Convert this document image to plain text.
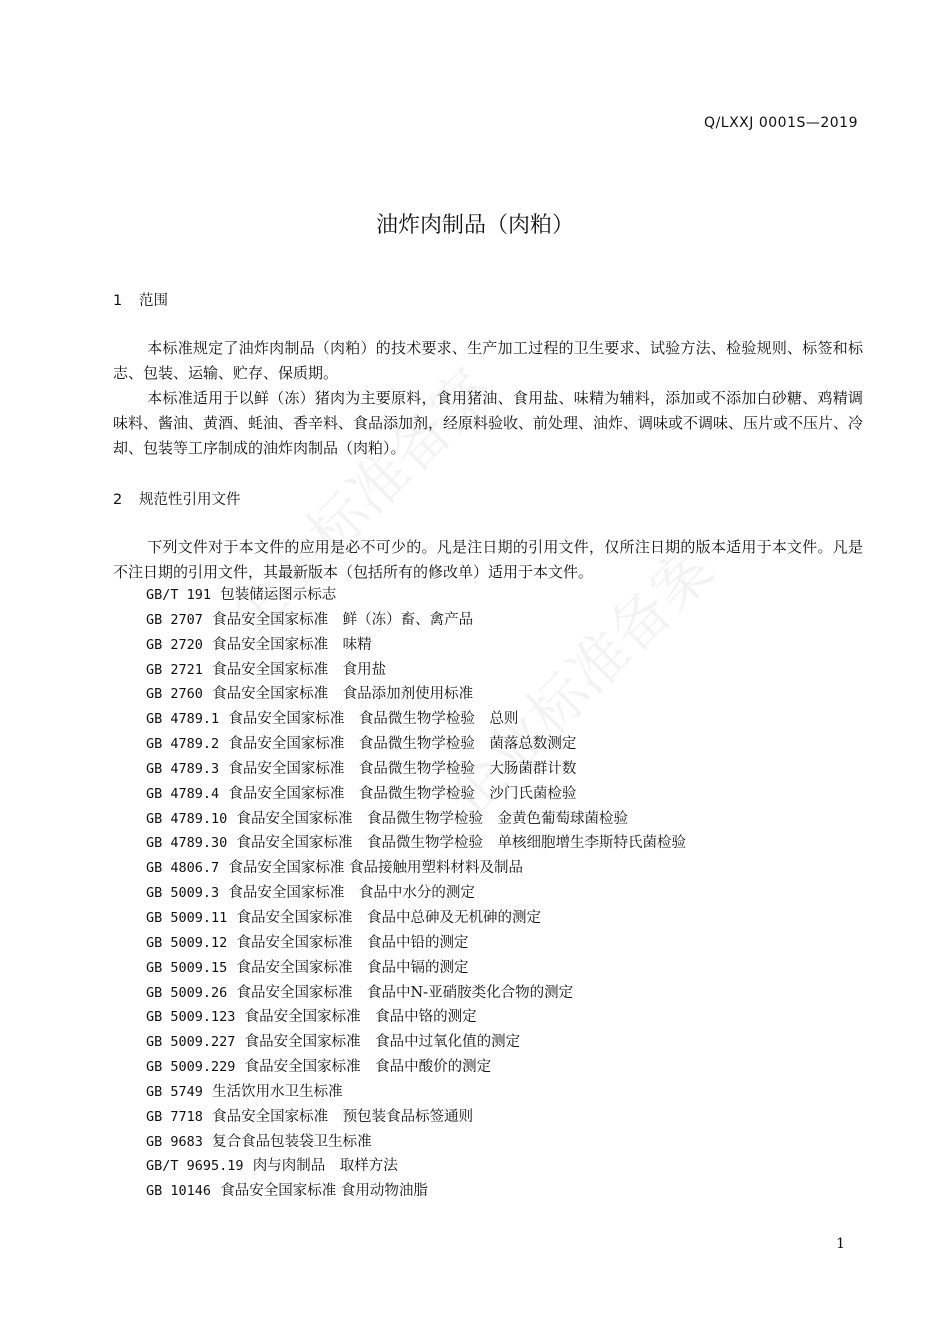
Q/LXXJ 0001S—2019
油炸肉制品（肉粕）
1 范围
本标准规定了油炸肉制品（肉粕）的技术要求、生产加工过程的卫生要求、试验方法、检验规则、标签和标志、包装、运输、贮存、保质期。
本标准适用于以鲜（冻）猪肉为主要原料，食用猪油、食用盐、味精为辅料，添加或不添加白砂糖、鸡精调味料、酱油、黄酒、蚝油、香辛料、食品添加剂，经原料验收、前处理、油炸、调味或不调味、压片或不压片、冷却、包装等工序制成的油炸肉制品（肉粕）。
2 规范性引用文件
下列文件对于本文件的应用是必不可少的。凡是注日期的引用文件，仅所注日期的版本适用于本文件。凡是不注日期的引用文件，其最新版本（包括所有的修改单）适用于本文件。
GB/T 191 包装储运图示标志
GB 2707 食品安全国家标准　鲜（冻）畜、禽产品
GB 2720 食品安全国家标准　味精
GB 2721 食品安全国家标准　食用盐
GB 2760 食品安全国家标准　食品添加剂使用标准
GB 4789.1 食品安全国家标准　食品微生物学检验　总则
GB 4789.2 食品安全国家标准　食品微生物学检验　菌落总数测定
GB 4789.3 食品安全国家标准　食品微生物学检验　大肠菌群计数
GB 4789.4 食品安全国家标准　食品微生物学检验　沙门氏菌检验
GB 4789.10 食品安全国家标准　食品微生物学检验　金黄色葡萄球菌检验
GB 4789.30 食品安全国家标准　食品微生物学检验　单核细胞增生李斯特氏菌检验
GB 4806.7 食品安全国家标准 食品接触用塑料材料及制品
GB 5009.3 食品安全国家标准　食品中水分的测定
GB 5009.11 食品安全国家标准　食品中总砷及无机砷的测定
GB 5009.12 食品安全国家标准　食品中铅的测定
GB 5009.15 食品安全国家标准　食品中镉的测定
GB 5009.26 食品安全国家标准　食品中N-亚硝胺类化合物的测定
GB 5009.123 食品安全国家标准　食品中铬的测定
GB 5009.227 食品安全国家标准　食品中过氧化值的测定
GB 5009.229 食品安全国家标准　食品中酸价的测定
GB 5749 生活饮用水卫生标准
GB 7718 食品安全国家标准　预包装食品标签通则
GB 9683 复合食品包装袋卫生标准
GB/T 9695.19 肉与肉制品　取样方法
GB 10146 食品安全国家标准 食用动物油脂
1
